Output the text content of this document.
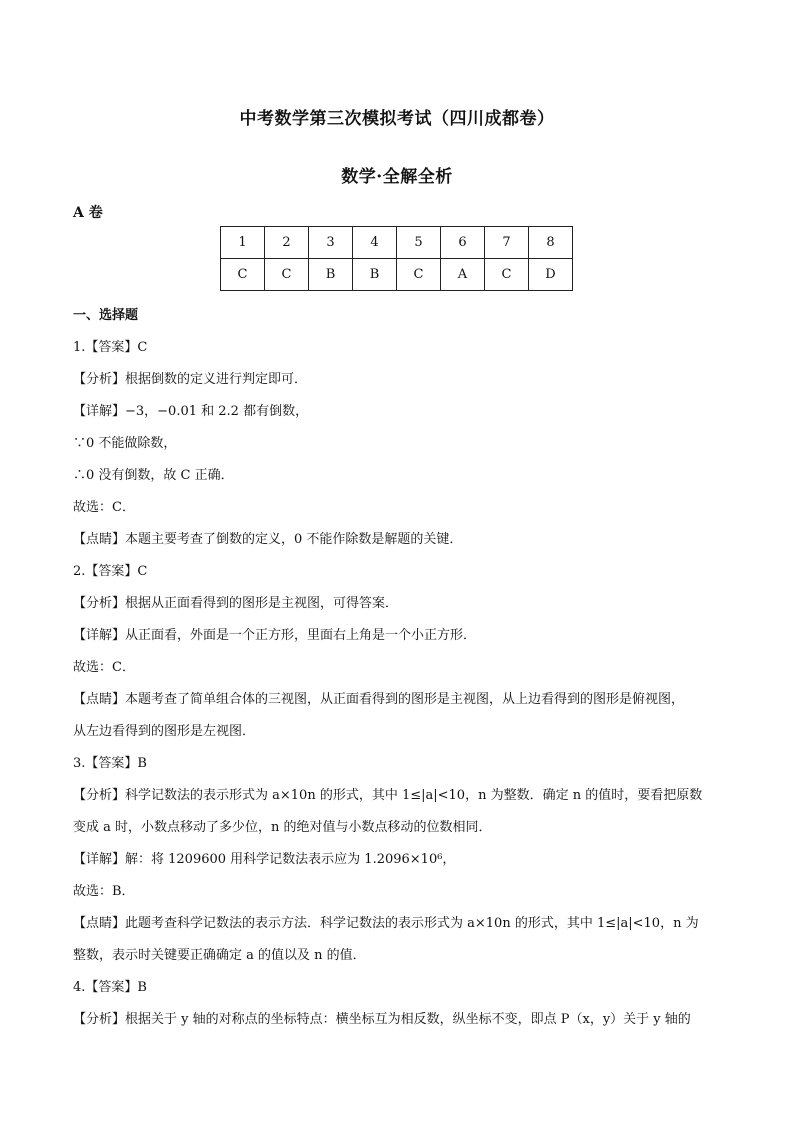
中考数学第三次模拟考试（四川成都卷）
数学·全解全析
A 卷
1	2	3	4	5	6	7	8
C	C	B	B	C	A	C	D

一、选择题

1.【答案】C

【分析】根据倒数的定义进行判定即可．

【详解】−3，−0.01 和 2.2 都有倒数，

∵0 不能做除数，

∴0 没有倒数，故 C 正确．

故选：C．

【点睛】本题主要考查了倒数的定义，0 不能作除数是解题的关键．

2.【答案】C

【分析】根据从正面看得到的图形是主视图，可得答案．

【详解】从正面看，外面是一个正方形，里面右上角是一个小正方形．

故选：C．

【点睛】本题考查了简单组合体的三视图，从正面看得到的图形是主视图，从上边看得到的图形是俯视图，

从左边看得到的图形是左视图．

3.【答案】B

【分析】科学记数法的表示形式为 a×10n 的形式，其中 1≤|a|<10，n 为整数．确定 n 的值时，要看把原数

变成 a 时，小数点移动了多少位，n 的绝对值与小数点移动的位数相同．

【详解】解：将 1209600 用科学记数法表示应为 1.2096×10⁶，

故选：B．

【点睛】此题考查科学记数法的表示方法．科学记数法的表示形式为 a×10n 的形式，其中 1≤|a|<10，n 为

整数，表示时关键要正确确定 a 的值以及 n 的值．

4.【答案】B

【分析】根据关于 y 轴的对称点的坐标特点：横坐标互为相反数，纵坐标不变，即点 P（x，y）关于 y 轴的
